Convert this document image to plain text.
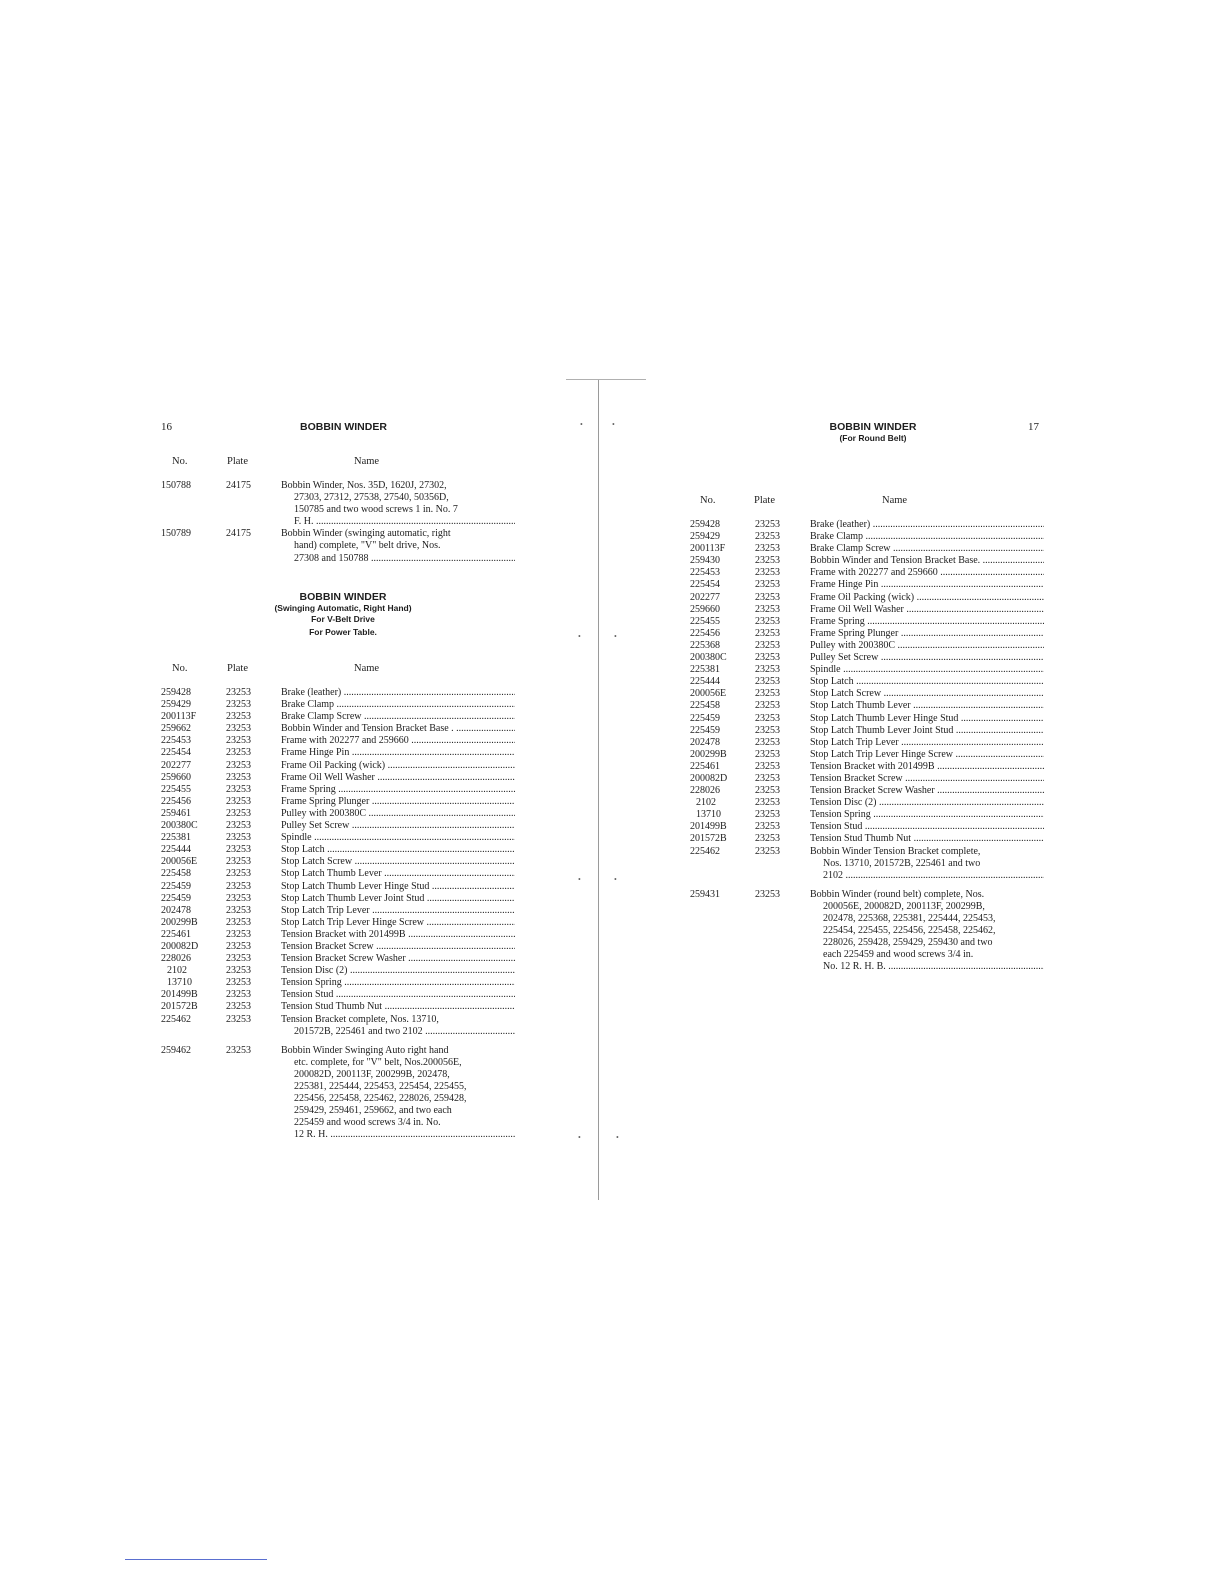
16	BOBBIN WINDER
No.	Plate	Name
150788	24175	Bobbin Winder, Nos. 35D, 1620J, 27302,
27303, 27312, 27538, 27540, 50356D,
150785 and two wood screws 1 in. No. 7
F. H. .....
150789	24175	Bobbin Winder (swinging automatic, right
hand) complete, "V" belt drive, Nos.
27308 and 150788 .....
BOBBIN WINDER
(Swinging Automatic, Right Hand)
For V-Belt Drive
For Power Table.
No.	Plate	Name
259428	23253	Brake (leather) .....
259429	23253	Brake Clamp .....
200113F	23253	Brake Clamp Screw .....
259662	23253	Bobbin Winder and Tension Bracket Base . .....
225453	23253	Frame with 202277 and 259660 .....
225454	23253	Frame Hinge Pin .....
202277	23253	Frame Oil Packing (wick) .....
259660	23253	Frame Oil Well Washer .....
225455	23253	Frame Spring .....
225456	23253	Frame Spring Plunger .....
259461	23253	Pulley with 200380C .....
200380C	23253	Pulley Set Screw .....
225381	23253	Spindle .....
225444	23253	Stop Latch .....
200056E	23253	Stop Latch Screw .....
225458	23253	Stop Latch Thumb Lever .....
225459	23253	Stop Latch Thumb Lever Hinge Stud .....
225459	23253	Stop Latch Thumb Lever Joint Stud .....
202478	23253	Stop Latch Trip Lever .....
200299B	23253	Stop Latch Trip Lever Hinge Screw .....
225461	23253	Tension Bracket with 201499B .....
200082D	23253	Tension Bracket Screw .....
228026	23253	Tension Bracket Screw Washer .....
2102	23253	Tension Disc (2) .....
13710	23253	Tension Spring .....
201499B	23253	Tension Stud .....
201572B	23253	Tension Stud Thumb Nut .....
225462	23253	Tension Bracket complete, Nos. 13710,
201572B, 225461 and two 2102 .....
259462	23253	Bobbin Winder Swinging Auto right hand
etc. complete, for "V" belt, Nos.200056E,
200082D, 200113F, 200299B, 202478,
225381, 225444, 225453, 225454, 225455,
225456, 225458, 225462, 228026, 259428,
259429, 259461, 259662, and two each
225459 and wood screws 3/4 in. No.
12 R. H. .....
•	•
•	•
•	•
•	•
BOBBIN WINDER
(For Round Belt)
17
No.	Plate	Name
259428	23253	Brake (leather) .....
259429	23253	Brake Clamp .....
200113F	23253	Brake Clamp Screw .....
259430	23253	Bobbin Winder and Tension Bracket Base. .....
225453	23253	Frame with 202277 and 259660 .....
225454	23253	Frame Hinge Pin .....
202277	23253	Frame Oil Packing (wick) .....
259660	23253	Frame Oil Well Washer .....
225455	23253	Frame Spring .....
225456	23253	Frame Spring Plunger .....
225368	23253	Pulley with 200380C .....
200380C	23253	Pulley Set Screw .....
225381	23253	Spindle .....
225444	23253	Stop Latch .....
200056E	23253	Stop Latch Screw .....
225458	23253	Stop Latch Thumb Lever .....
225459	23253	Stop Latch Thumb Lever Hinge Stud .....
225459	23253	Stop Latch Thumb Lever Joint Stud .....
202478	23253	Stop Latch Trip Lever .....
200299B	23253	Stop Latch Trip Lever Hinge Screw .....
225461	23253	Tension Bracket with 201499B .....
200082D	23253	Tension Bracket Screw .....
228026	23253	Tension Bracket Screw Washer .....
2102	23253	Tension Disc (2) .....
13710	23253	Tension Spring .....
201499B	23253	Tension Stud .....
201572B	23253	Tension Stud Thumb Nut .....
225462	23253	Bobbin Winder Tension Bracket complete,
Nos. 13710, 201572B, 225461 and two
2102 .....
259431	23253	Bobbin Winder (round belt) complete, Nos.
200056E, 200082D, 200113F, 200299B,
202478, 225368, 225381, 225444, 225453,
225454, 225455, 225456, 225458, 225462,
228026, 259428, 259429, 259430 and two
each 225459 and wood screws 3/4 in.
No. 12 R. H. B. .....
